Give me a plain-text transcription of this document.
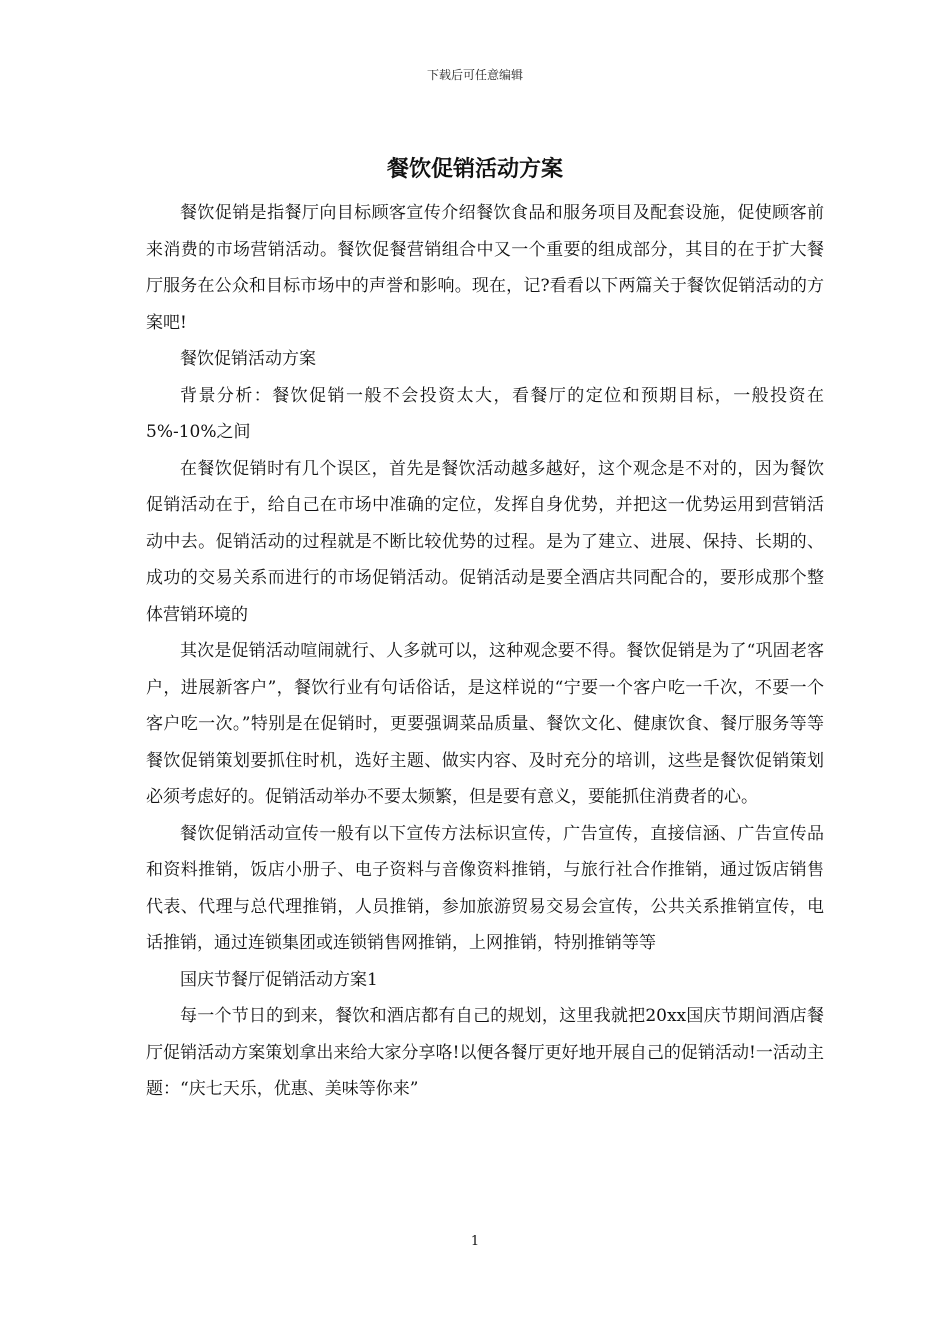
下载后可任意编辑
餐饮促销活动方案

餐饮促销是指餐厅向目标顾客宣传介绍餐饮食品和服务项目及配套设施，促使顾客前来消费的市场营销活动。餐饮促餐营销组合中又一个重要的组成部分，其目的在于扩大餐厅服务在公众和目标市场中的声誉和影响。现在，记?看看以下两篇关于餐饮促销活动的方案吧!

餐饮促销活动方案

背景分析：餐饮促销一般不会投资太大，看餐厅的定位和预期目标，一般投资在5%-10%之间

在餐饮促销时有几个误区，首先是餐饮活动越多越好，这个观念是不对的，因为餐饮促销活动在于，给自己在市场中准确的定位，发挥自身优势，并把这一优势运用到营销活动中去。促销活动的过程就是不断比较优势的过程。是为了建立、进展、保持、长期的、成功的交易关系而进行的市场促销活动。促销活动是要全酒店共同配合的，要形成那个整体营销环境的

其次是促销活动喧闹就行、人多就可以，这种观念要不得。餐饮促销是为了“巩固老客户，进展新客户”，餐饮行业有句话俗话，是这样说的“宁要一个客户吃一千次，不要一个客户吃一次。”特别是在促销时，更要强调菜品质量、餐饮文化、健康饮食、餐厅服务等等餐饮促销策划要抓住时机，选好主题、做实内容、及时充分的培训，这些是餐饮促销策划必须考虑好的。促销活动举办不要太频繁，但是要有意义，要能抓住消费者的心。

餐饮促销活动宣传一般有以下宣传方法标识宣传，广告宣传，直接信涵、广告宣传品和资料推销，饭店小册子、电子资料与音像资料推销，与旅行社合作推销，通过饭店销售代表、代理与总代理推销，人员推销，参加旅游贸易交易会宣传，公共关系推销宣传，电话推销，通过连锁集团或连锁销售网推销，上网推销，特别推销等等

国庆节餐厅促销活动方案1

每一个节日的到来，餐饮和酒店都有自己的规划，这里我就把20xx国庆节期间酒店餐厅促销活动方案策划拿出来给大家分享咯!以便各餐厅更好地开展自己的促销活动!一活动主题：“庆七天乐，优惠、美味等你来”

1
